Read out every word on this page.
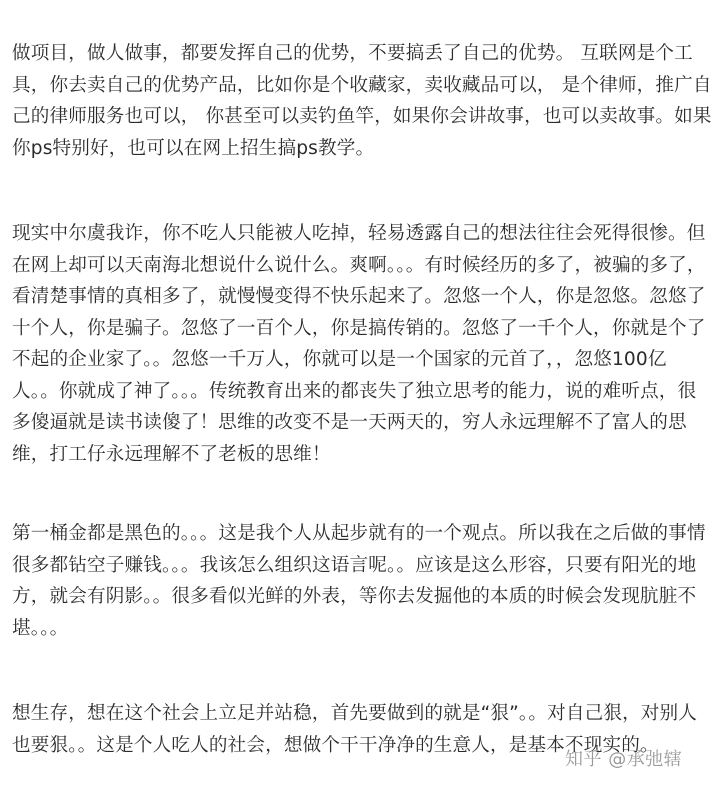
做项目，做人做事，都要发挥自己的优势，不要搞丢了自己的优势。 互联网是个工具，你去卖自己的优势产品，比如你是个收藏家，卖收藏品可以， 是个律师，推广自己的律师服务也可以， 你甚至可以卖钓鱼竿，如果你会讲故事，也可以卖故事。如果你ps特别好，也可以在网上招生搞ps教学。

现实中尔虞我诈，你不吃人只能被人吃掉，轻易透露自己的想法往往会死得很惨。但在网上却可以天南海北想说什么说什么。爽啊。。。有时候经历的多了，被骗的多了，看清楚事情的真相多了，就慢慢变得不快乐起来了。忽悠一个人，你是忽悠。忽悠了十个人，你是骗子。忽悠了一百个人，你是搞传销的。忽悠了一千个人，你就是个了不起的企业家了。。忽悠一千万人，你就可以是一个国家的元首了，，忽悠100亿人。。你就成了神了。。。传统教育出来的都丧失了独立思考的能力，说的难听点，很多傻逼就是读书读傻了！思维的改变不是一天两天的，穷人永远理解不了富人的思维，打工仔永远理解不了老板的思维！

第一桶金都是黑色的。。。这是我个人从起步就有的一个观点。所以我在之后做的事情很多都钻空子赚钱。。。我该怎么组织这语言呢。。应该是这么形容，只要有阳光的地方，就会有阴影。。很多看似光鲜的外表，等你去发掘他的本质的时候会发现肮脏不堪。。。

想生存，想在这个社会上立足并站稳，首先要做到的就是“狠”。。对自己狠，对别人也要狠。。这是个人吃人的社会，想做个干干净净的生意人，是基本不现实的。

知乎 @承弛辖
